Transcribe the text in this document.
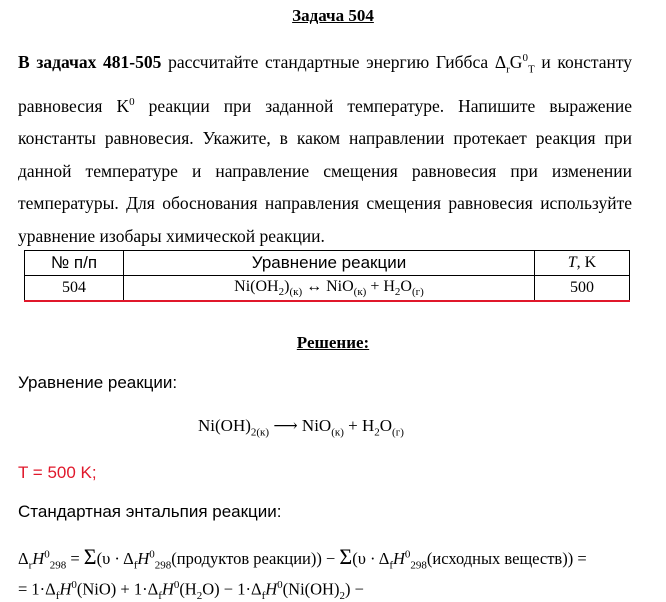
Задача 504
В задачах 481-505 рассчитайте стандартные энергию Гиббса $\Delta_rG^0_T$ и константу равновесия $K^0$ реакции при заданной температуре. Напишите выражение константы равновесия. Укажите, в каком направлении протекает реакция при данной температуре и направление смещения равновесия при изменении температуры. Для обоснования направления смещения равновесия используйте уравнение изобары химической реакции.
№ п/п	Уравнение реакции	T, K
504	$Ni(OH_2)_{(к)}$ ↔ $NiO_{(к)} + H_2O_{(г)}$	500
Решение:
Уравнение реакции:
$Ni(OH)_{2(к)}$ ⟶ $NiO_{(к)} + H_2O_{(г)}$
T = 500 K;
Стандартная энтальпия реакции:
$\Delta_rH^0_{298} = \Sigma(\upsilon$ · $\Delta_fH^0_{298}(продуктов$ реакции)) − $\Sigma(\upsilon \cdot \Delta_fH^0_{298}(исходных$ веществ)) =
= $1\cdot\Delta_fH^0(NiO) + 1\cdot\Delta_fH^0(H_2O) - 1\cdot\Delta_fH^0(Ni(OH)_2)$ −
